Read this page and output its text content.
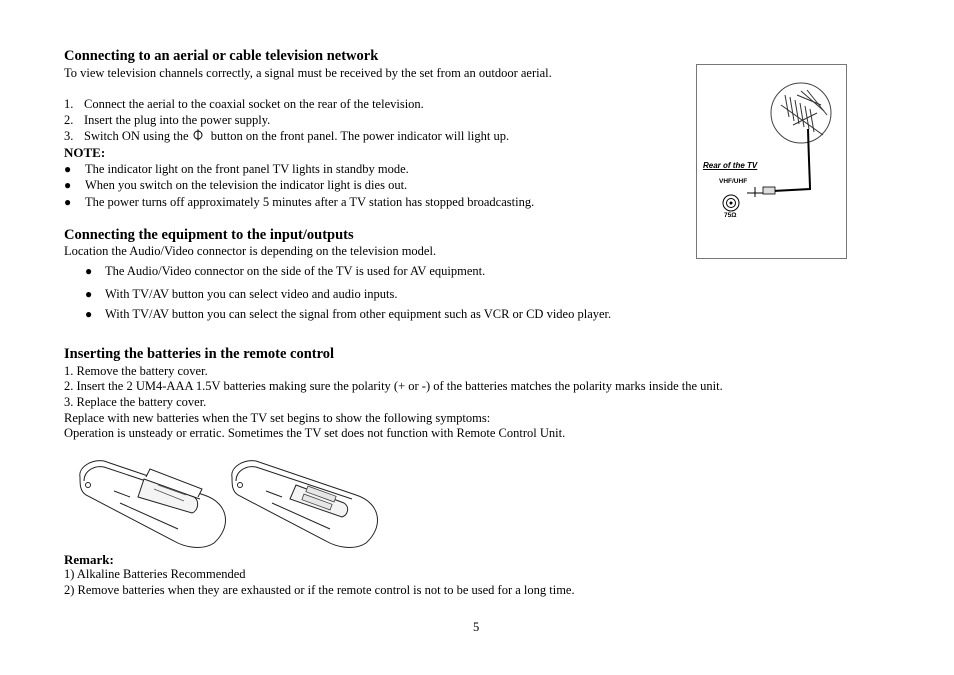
Connecting to an aerial or cable television network
To view television channels correctly, a signal must be received by the set from an outdoor aerial.
1. Connect the aerial to the coaxial socket on the rear of the television.
2. Insert the plug into the power supply.
3. Switch ON using the
button on the front panel. The power indicator will light up.
NOTE:
● The indicator light on the front panel TV lights in standby mode.
● When you switch on the television the indicator light is dies out.
● The power turns off approximately 5 minutes after a TV station has stopped broadcasting.
Rear of the TV
VHF/UHF
75Ω
Connecting the equipment to the input/outputs
Location the Audio/Video connector is depending on the television model.
● The Audio/Video connector on the side of the TV is used for AV equipment.
● With TV/AV button you can select video and audio inputs.
● With TV/AV button you can select the signal from other equipment such as VCR or CD video player.
Inserting the batteries in the remote control
1. Remove the battery cover.
2. Insert the 2 UM4-AAA 1.5V batteries making sure the polarity (+ or -) of the batteries matches the polarity marks inside the unit.
3. Replace the battery cover.
Replace with new batteries when the TV set begins to show the following symptoms:
Operation is unsteady or erratic. Sometimes the TV set does not function with Remote Control Unit.
Remark:
1) Alkaline Batteries Recommended
2) Remove batteries when they are exhausted or if the remote control is not to be used for a long time.
5
